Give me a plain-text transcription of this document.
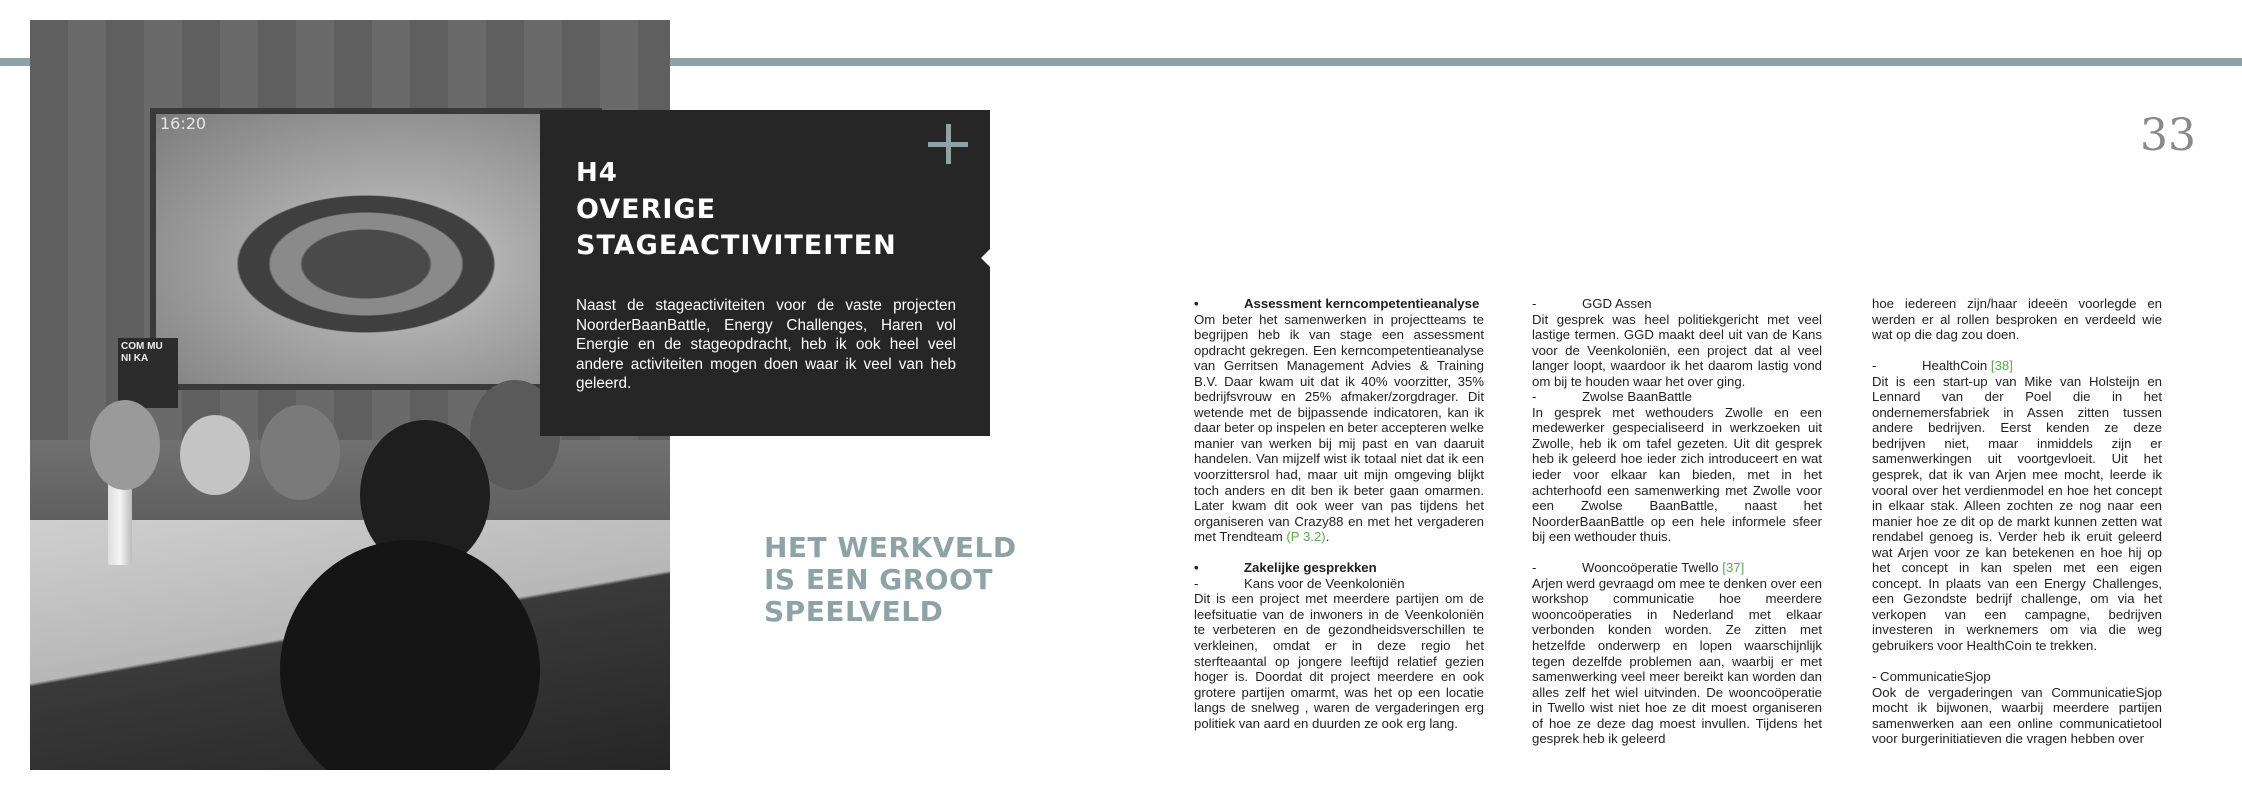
16:20
COM MU NI KA
H4
OVERIGE
STAGEACTIVITEITEN
Naast de stageactiviteiten voor de vaste projecten NoorderBaanBattle, Energy Challenges, Haren vol Energie en de stageopdracht, heb ik ook heel veel andere activiteiten mogen doen waar ik veel van heb geleerd.
HET WERKVELD
IS EEN GROOT
SPEELVELD
33

•	Assessment kerncompetentieanalyse

Om beter het samenwerken in projectteams te begrijpen heb ik van stage een assessment opdracht gekregen. Een kerncompetentieanalyse van Gerritsen Management Advies & Training B.V. Daar kwam uit dat ik 40% voorzitter, 35% bedrijfsvrouw en 25% afmaker/zorgdrager. Dit wetende met de bijpassende indicatoren, kan ik daar beter op inspelen en beter accepteren welke manier van werken bij mij past en van daaruit handelen. Van mijzelf wist ik totaal niet dat ik een voorzittersrol had, maar uit mijn omgeving blijkt toch anders en dit ben ik beter gaan omarmen. Later kwam dit ook weer van pas tijdens het organiseren van Crazy88 en met het vergaderen met Trendteam (P 3.2).

•	Zakelijke gesprekken

-	Kans voor de Veenkoloniën

Dit is een project met meerdere partijen om de leefsituatie van de inwoners in de Veenkoloniën te verbeteren en de gezondheidsverschillen te verkleinen, omdat er in deze regio het sterfteaantal op jongere leeftijd relatief gezien hoger is. Doordat dit project meerdere en ook grotere partijen omarmt, was het op een locatie langs de snelweg , waren de vergaderingen erg politiek van aard en duurden ze ook erg lang.

-	GGD Assen

Dit gesprek was heel politiekgericht met veel lastige termen. GGD maakt deel uit van de Kans voor de Veenkoloniën, een project dat al veel langer loopt, waardoor ik het daarom lastig vond om bij te houden waar het over ging.

-	Zwolse BaanBattle

In gesprek met wethouders Zwolle en een medewerker gespecialiseerd in werkzoeken uit Zwolle, heb ik om tafel gezeten. Uit dit gesprek heb ik geleerd hoe ieder zich introduceert en wat ieder voor elkaar kan bieden, met in het achterhoofd een samenwerking met Zwolle voor een Zwolse BaanBattle, naast het NoorderBaanBattle op een hele informele sfeer bij een wethouder thuis.

-	Wooncoöperatie Twello [37]

Arjen werd gevraagd om mee te denken over een workshop communicatie hoe meerdere wooncoöperaties in Nederland met elkaar verbonden konden worden. Ze zitten met hetzelfde onderwerp en lopen waarschijnlijk tegen dezelfde problemen aan, waarbij er met samenwerking veel meer bereikt kan worden dan alles zelf het wiel uitvinden. De wooncoöperatie in Twello wist niet hoe ze dit moest organiseren of hoe ze deze dag moest invullen. Tijdens het gesprek heb ik geleerd

hoe iedereen zijn/haar ideeën voorlegde en werden er al rollen besproken en verdeeld wie wat op die dag zou doen.

-	HealthCoin [38]

Dit is een start-up van Mike van Holsteijn en Lennard van der Poel die in het ondernemersfabriek in Assen zitten tussen andere bedrijven. Eerst kenden ze deze bedrijven niet, maar inmiddels zijn er samenwerkingen uit voortgevloeit. Uit het gesprek, dat ik van Arjen mee mocht, leerde ik vooral over het verdienmodel en hoe het concept in elkaar stak. Alleen zochten ze nog naar een manier hoe ze dit op de markt kunnen zetten wat rendabel genoeg is. Verder heb ik eruit geleerd wat Arjen voor ze kan betekenen en hoe hij op het concept in kan spelen met een eigen concept. In plaats van een Energy Challenges, een Gezondste bedrijf challenge, om via het verkopen van een campagne, bedrijven investeren in werknemers om via die weg gebruikers voor HealthCoin te trekken.

- CommunicatieSjop

Ook de vergaderingen van CommunicatieSjop mocht ik bijwonen, waarbij meerdere partijen samenwerken aan een online communicatietool voor burgerinitiatieven die vragen hebben over
